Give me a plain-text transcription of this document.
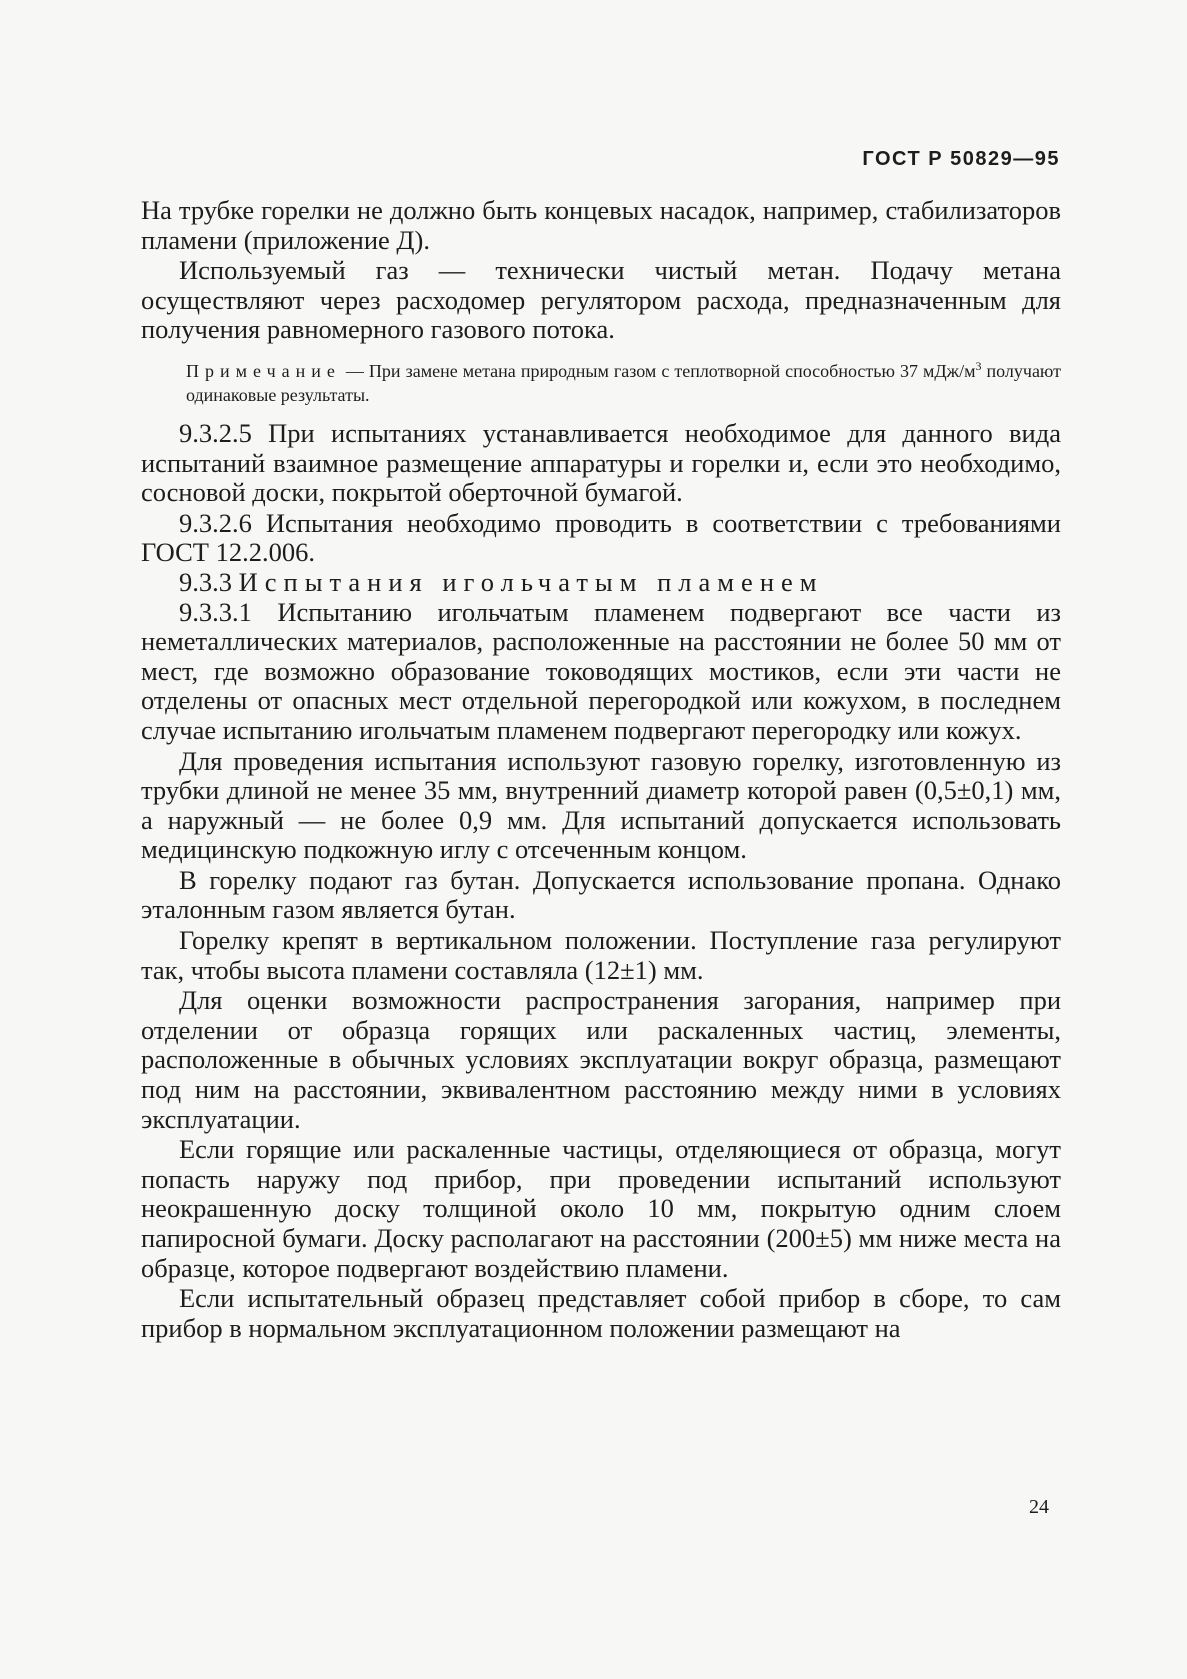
ГОСТ Р 50829—95

На трубке горелки не должно быть концевых насадок, например, стабилизаторов пламени (приложение Д).

Используемый газ — технически чистый метан. Подачу метана осуществляют через расходомер регулятором расхода, предназначенным для получения равномерного газового потока.

Примечание — При замене метана природным газом с теплотворной способностью 37 мДж/$м^3$ получают одинаковые результаты.

9.3.2.5 При испытаниях устанавливается необходимое для данного вида испытаний взаимное размещение аппаратуры и горелки и, если это необходимо, сосновой доски, покрытой оберточной бумагой.

9.3.2.6 Испытания необходимо проводить в соответствии с требованиями ГОСТ 12.2.006.

9.3.3 Испытания игольчатым пламенем

9.3.3.1 Испытанию игольчатым пламенем подвергают все части из неметаллических материалов, расположенные на расстоянии не более 50 мм от мест, где возможно образование тоководящих мостиков, если эти части не отделены от опасных мест отдельной перегородкой или кожухом, в последнем случае испытанию игольчатым пламенем подвергают перегородку или кожух.

Для проведения испытания используют газовую горелку, изготовленную из трубки длиной не менее 35 мм, внутренний диаметр которой равен (0,5±0,1) мм, а наружный — не более 0,9 мм. Для испытаний допускается использовать медицинскую подкожную иглу с отсеченным концом.

В горелку подают газ бутан. Допускается использование пропана. Однако эталонным газом является бутан.

Горелку крепят в вертикальном положении. Поступление газа регулируют так, чтобы высота пламени составляла (12±1) мм.

Для оценки возможности распространения загорания, например при отделении от образца горящих или раскаленных частиц, элементы, расположенные в обычных условиях эксплуатации вокруг образца, размещают под ним на расстоянии, эквивалентном расстоянию между ними в условиях эксплуатации.

Если горящие или раскаленные частицы, отделяющиеся от образца, могут попасть наружу под прибор, при проведении испытаний используют неокрашенную доску толщиной около 10 мм, покрытую одним слоем папиросной бумаги. Доску располагают на расстоянии (200±5) мм ниже места на образце, которое подвергают воздействию пламени.

Если испытательный образец представляет собой прибор в сборе, то сам прибор в нормальном эксплуатационном положении размещают на

24
